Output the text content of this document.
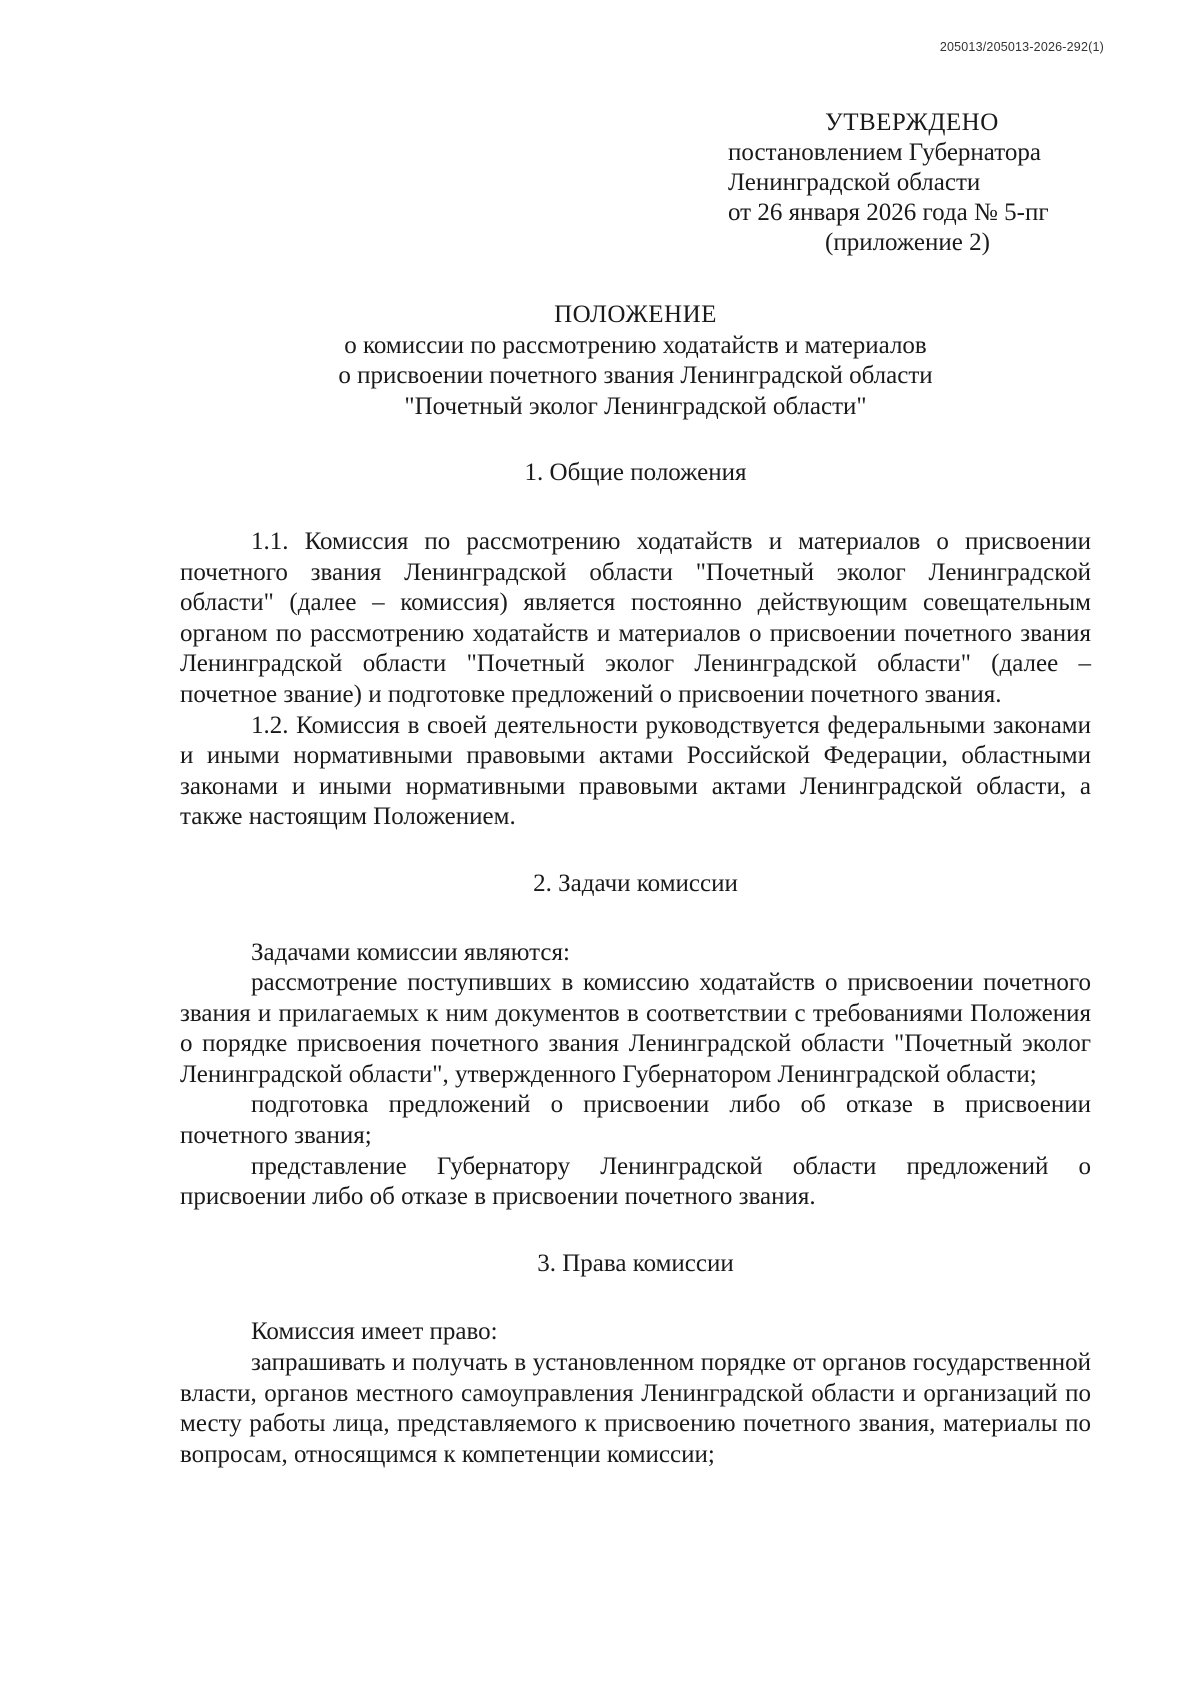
205013/205013-2026-292(1)
УТВЕРЖДЕНО
постановлением Губернатора
Ленинградской области
от 26 января 2026 года № 5-пг
(приложение 2)
ПОЛОЖЕНИЕ
о комиссии по рассмотрению ходатайств и материалов
о присвоении почетного звания Ленинградской области
"Почетный эколог Ленинградской области"
1. Общие положения

1.1. Комиссия по рассмотрению ходатайств и материалов о присвоении почетного звания Ленинградской области "Почетный эколог Ленинградской области" (далее – комиссия) является постоянно действующим совещательным органом по рассмотрению ходатайств и материалов о присвоении почетного звания Ленинградской области "Почетный эколог Ленинградской области" (далее – почетное звание) и подготовке предложений о присвоении почетного звания.

1.2. Комиссия в своей деятельности руководствуется федеральными законами и иными нормативными правовыми актами Российской Федерации, областными законами и иными нормативными правовыми актами Ленинградской области, а также настоящим Положением.

2. Задачи комиссии

Задачами комиссии являются:

рассмотрение поступивших в комиссию ходатайств о присвоении почетного звания и прилагаемых к ним документов в соответствии с требованиями Положения о порядке присвоения почетного звания Ленинградской области "Почетный эколог Ленинградской области", утвержденного Губернатором Ленинградской области;

подготовка предложений о присвоении либо об отказе в присвоении почетного звания;

представление Губернатору Ленинградской области предложений о присвоении либо об отказе в присвоении почетного звания.

3. Права комиссии

Комиссия имеет право:

запрашивать и получать в установленном порядке от органов государственной власти, органов местного самоуправления Ленинградской области и организаций по месту работы лица, представляемого к присвоению почетного звания, материалы по вопросам, относящимся к компетенции комиссии;
